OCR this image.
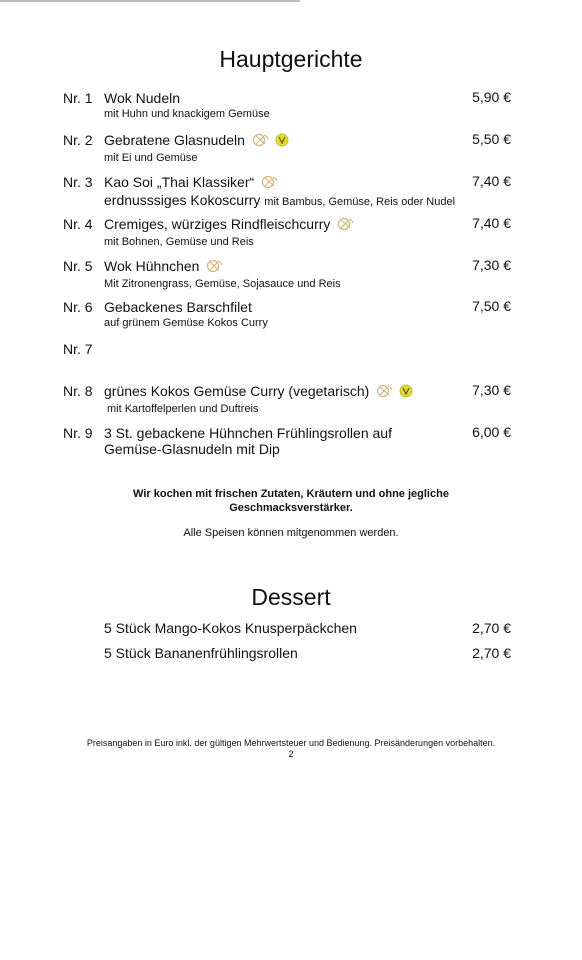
Hauptgerichte
Nr. 1 Wok Nudeln
mit Huhn und knackigem Gemüse
5,90 €
Nr. 2 Gebratene Glasnudeln
mit Ei und Gemüse
5,50 €
Nr. 3 Kao Soi „Thai Klassiker“
erdnusssiges Kokoscurry mit Bambus, Gemüse, Reis oder Nudel
7,40 €
Nr. 4 Cremiges, würziges Rindfleischcurry
mit Bohnen, Gemüse und Reis
7,40 €
Nr. 5 Wok Hühnchen
Mit Zitronengrass, Gemüse, Sojasauce und Reis
7,30 €
Nr. 6 Gebackenes Barschfilet
auf grünem Gemüse Kokos Curry
7,50 €
Nr. 7
Nr. 8 grünes Kokos Gemüse Curry (vegetarisch)
mit Kartoffelperlen und Duftreis
7,30 €
Nr. 9 3 St. gebackene Hühnchen Frühlingsrollen auf
Gemüse-Glasnudeln mit Dip
6,00 €
Wir kochen mit frischen Zutaten, Kräutern und ohne jegliche
Geschmacksverstärker.
Alle Speisen können mitgenommen werden.
Dessert
5 Stück Mango-Kokos Knusperpäckchen	2,70 €
5 Stück Bananenfrühlingsrollen	2,70 €
Preisangaben in Euro inkl. der gültigen Mehrwertsteuer und Bedienung. Preisänderungen vorbehalten.
2
